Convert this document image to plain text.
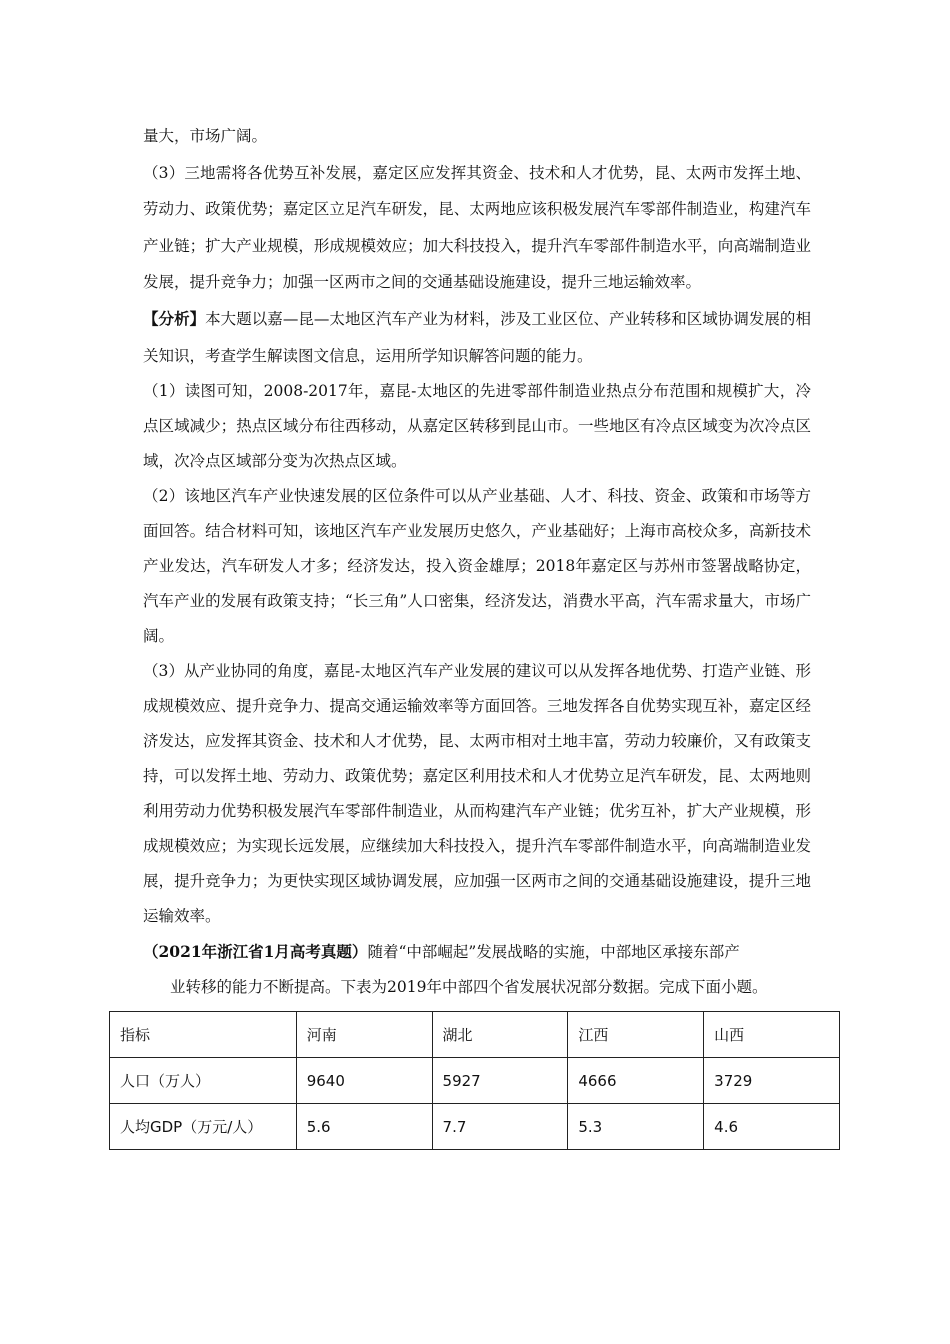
量大，市场广阔。

（3）三地需将各优势互补发展，嘉定区应发挥其资金、技术和人才优势，昆、太两市发挥土地、劳动力、政策优势；嘉定区立足汽车研发，昆、太两地应该积极发展汽车零部件制造业，构建汽车产业链；扩大产业规模，形成规模效应；加大科技投入，提升汽车零部件制造水平，向高端制造业发展，提升竞争力；加强一区两市之间的交通基础设施建设，提升三地运输效率。

【分析】本大题以嘉—昆—太地区汽车产业为材料，涉及工业区位、产业转移和区域协调发展的相关知识，考查学生解读图文信息，运用所学知识解答问题的能力。

（1）读图可知，2008-2017年，嘉昆-太地区的先进零部件制造业热点分布范围和规模扩大，冷点区域减少；热点区域分布往西移动，从嘉定区转移到昆山市。一些地区有冷点区域变为次冷点区域，次冷点区域部分变为次热点区域。

（2）该地区汽车产业快速发展的区位条件可以从产业基础、人才、科技、资金、政策和市场等方面回答。结合材料可知，该地区汽车产业发展历史悠久，产业基础好；上海市高校众多，高新技术产业发达，汽车研发人才多；经济发达，投入资金雄厚；2018年嘉定区与苏州市签署战略协定，汽车产业的发展有政策支持；“长三角”人口密集，经济发达，消费水平高，汽车需求量大，市场广阔。

（3）从产业协同的角度，嘉昆-太地区汽车产业发展的建议可以从发挥各地优势、打造产业链、形成规模效应、提升竞争力、提高交通运输效率等方面回答。三地发挥各自优势实现互补，嘉定区经济发达，应发挥其资金、技术和人才优势，昆、太两市相对土地丰富，劳动力较廉价，又有政策支持，可以发挥土地、劳动力、政策优势；嘉定区利用技术和人才优势立足汽车研发，昆、太两地则利用劳动力优势积极发展汽车零部件制造业，从而构建汽车产业链；优劣互补，扩大产业规模，形成规模效应；为实现长远发展，应继续加大科技投入，提升汽车零部件制造水平，向高端制造业发展，提升竞争力；为更快实现区域协调发展，应加强一区两市之间的交通基础设施建设，提升三地运输效率。

（2021年浙江省1月高考真题）随着“中部崛起”发展战略的实施，中部地区承接东部产
指标	河南	湖北	江西	山西
人口（万人）	9640	5927	4666	3729
人均GDP（万元/人）	5.6	7.7	5.3	4.6
业转移的能力不断提高。下表为2019年中部四个省发展状况部分数据。完成下面小题。
